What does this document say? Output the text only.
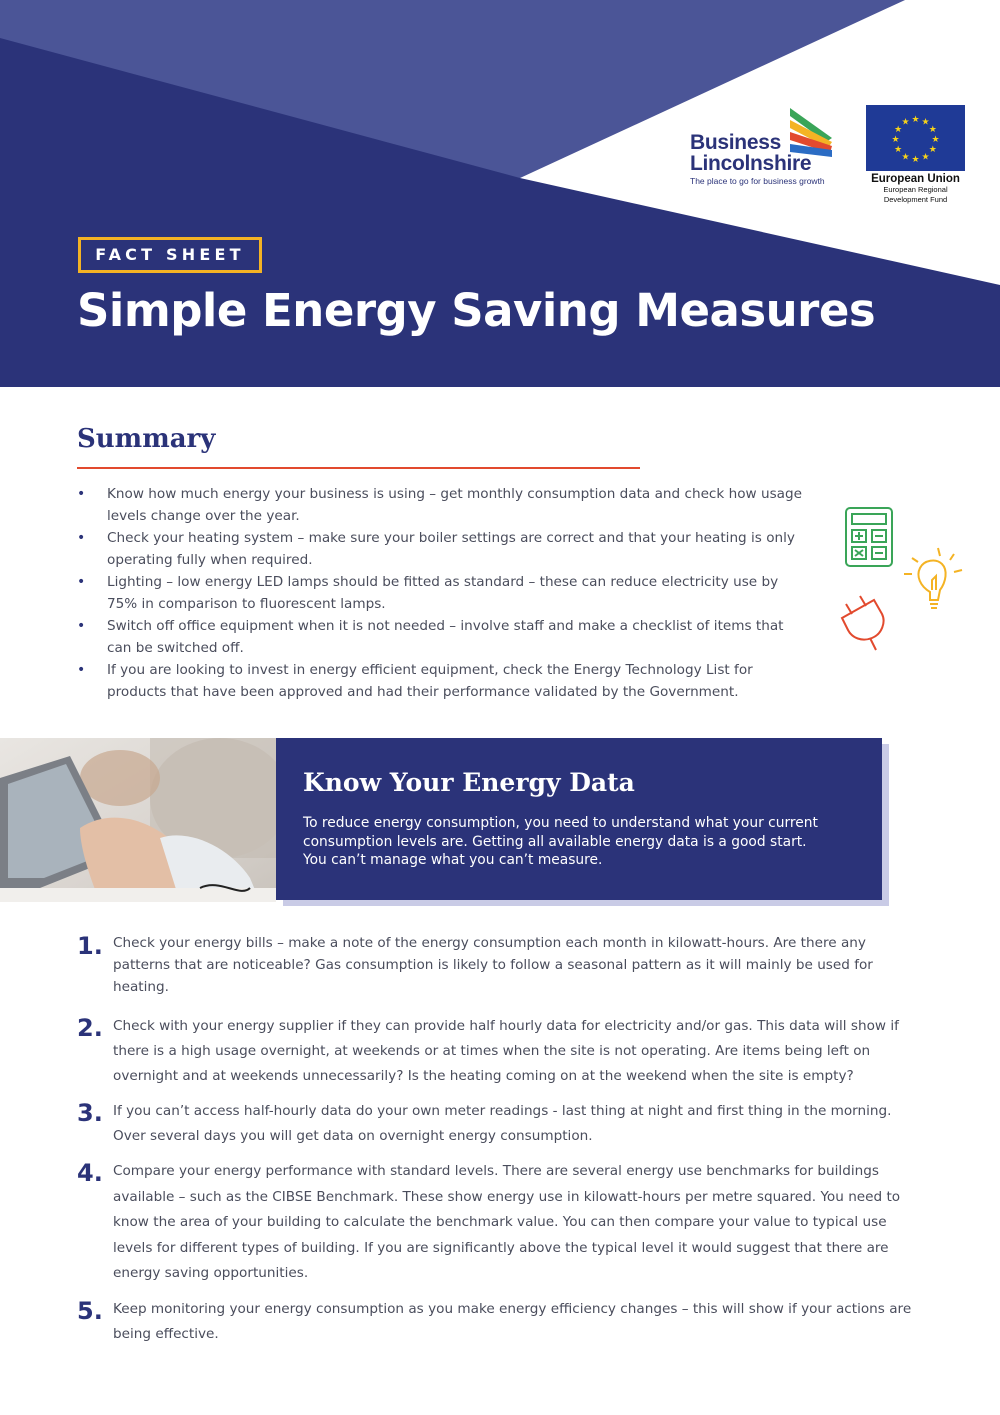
Business
Lincolnshire
The place to go for business growth
★ ★
★
★
★
★
★
★
★
★
★
★
European Union
European Regional
Development Fund
FACT SHEET
Simple Energy Saving Measures
Summary
• Know how much energy your business is using – get monthly consumption data and check how usage levels change over the year.
• Check your heating system – make sure your boiler settings are correct and that your heating is only operating fully when required.
• Lighting – low energy LED lamps should be fitted as standard – these can reduce electricity use by 75% in comparison to fluorescent lamps.
• Switch off office equipment when it is not needed – involve staff and make a checklist of items that can be switched off.
• If you are looking to invest in energy efficient equipment, check the Energy Technology List for products that have been approved and had their performance validated by the Government.
Know Your Energy Data

To reduce energy consumption, you need to understand what your current consumption levels are. Getting all available energy data is a good start. You can’t manage what you can’t measure.

1. Check your energy bills – make a note of the energy consumption each month in kilowatt-hours. Are there any patterns that are noticeable? Gas consumption is likely to follow a seasonal pattern as it will mainly be used for heating.
2. Check with your energy supplier if they can provide half hourly data for electricity and/or gas. This data will show if there is a high usage overnight, at weekends or at times when the site is not operating. Are items being left on overnight and at weekends unnecessarily? Is the heating coming on at the weekend when the site is empty?
3. If you can’t access half-hourly data do your own meter readings - last thing at night and first thing in the morning. Over several days you will get data on overnight energy consumption.
4. Compare your energy performance with standard levels. There are several energy use benchmarks for buildings available – such as the CIBSE Benchmark. These show energy use in kilowatt-hours per metre squared. You need to know the area of your building to calculate the benchmark value. You can then compare your value to typical use levels for different types of building. If you are significantly above the typical level it would suggest that there are energy saving opportunities.
5. Keep monitoring your energy consumption as you make energy efficiency changes – this will show if your actions are being effective.
